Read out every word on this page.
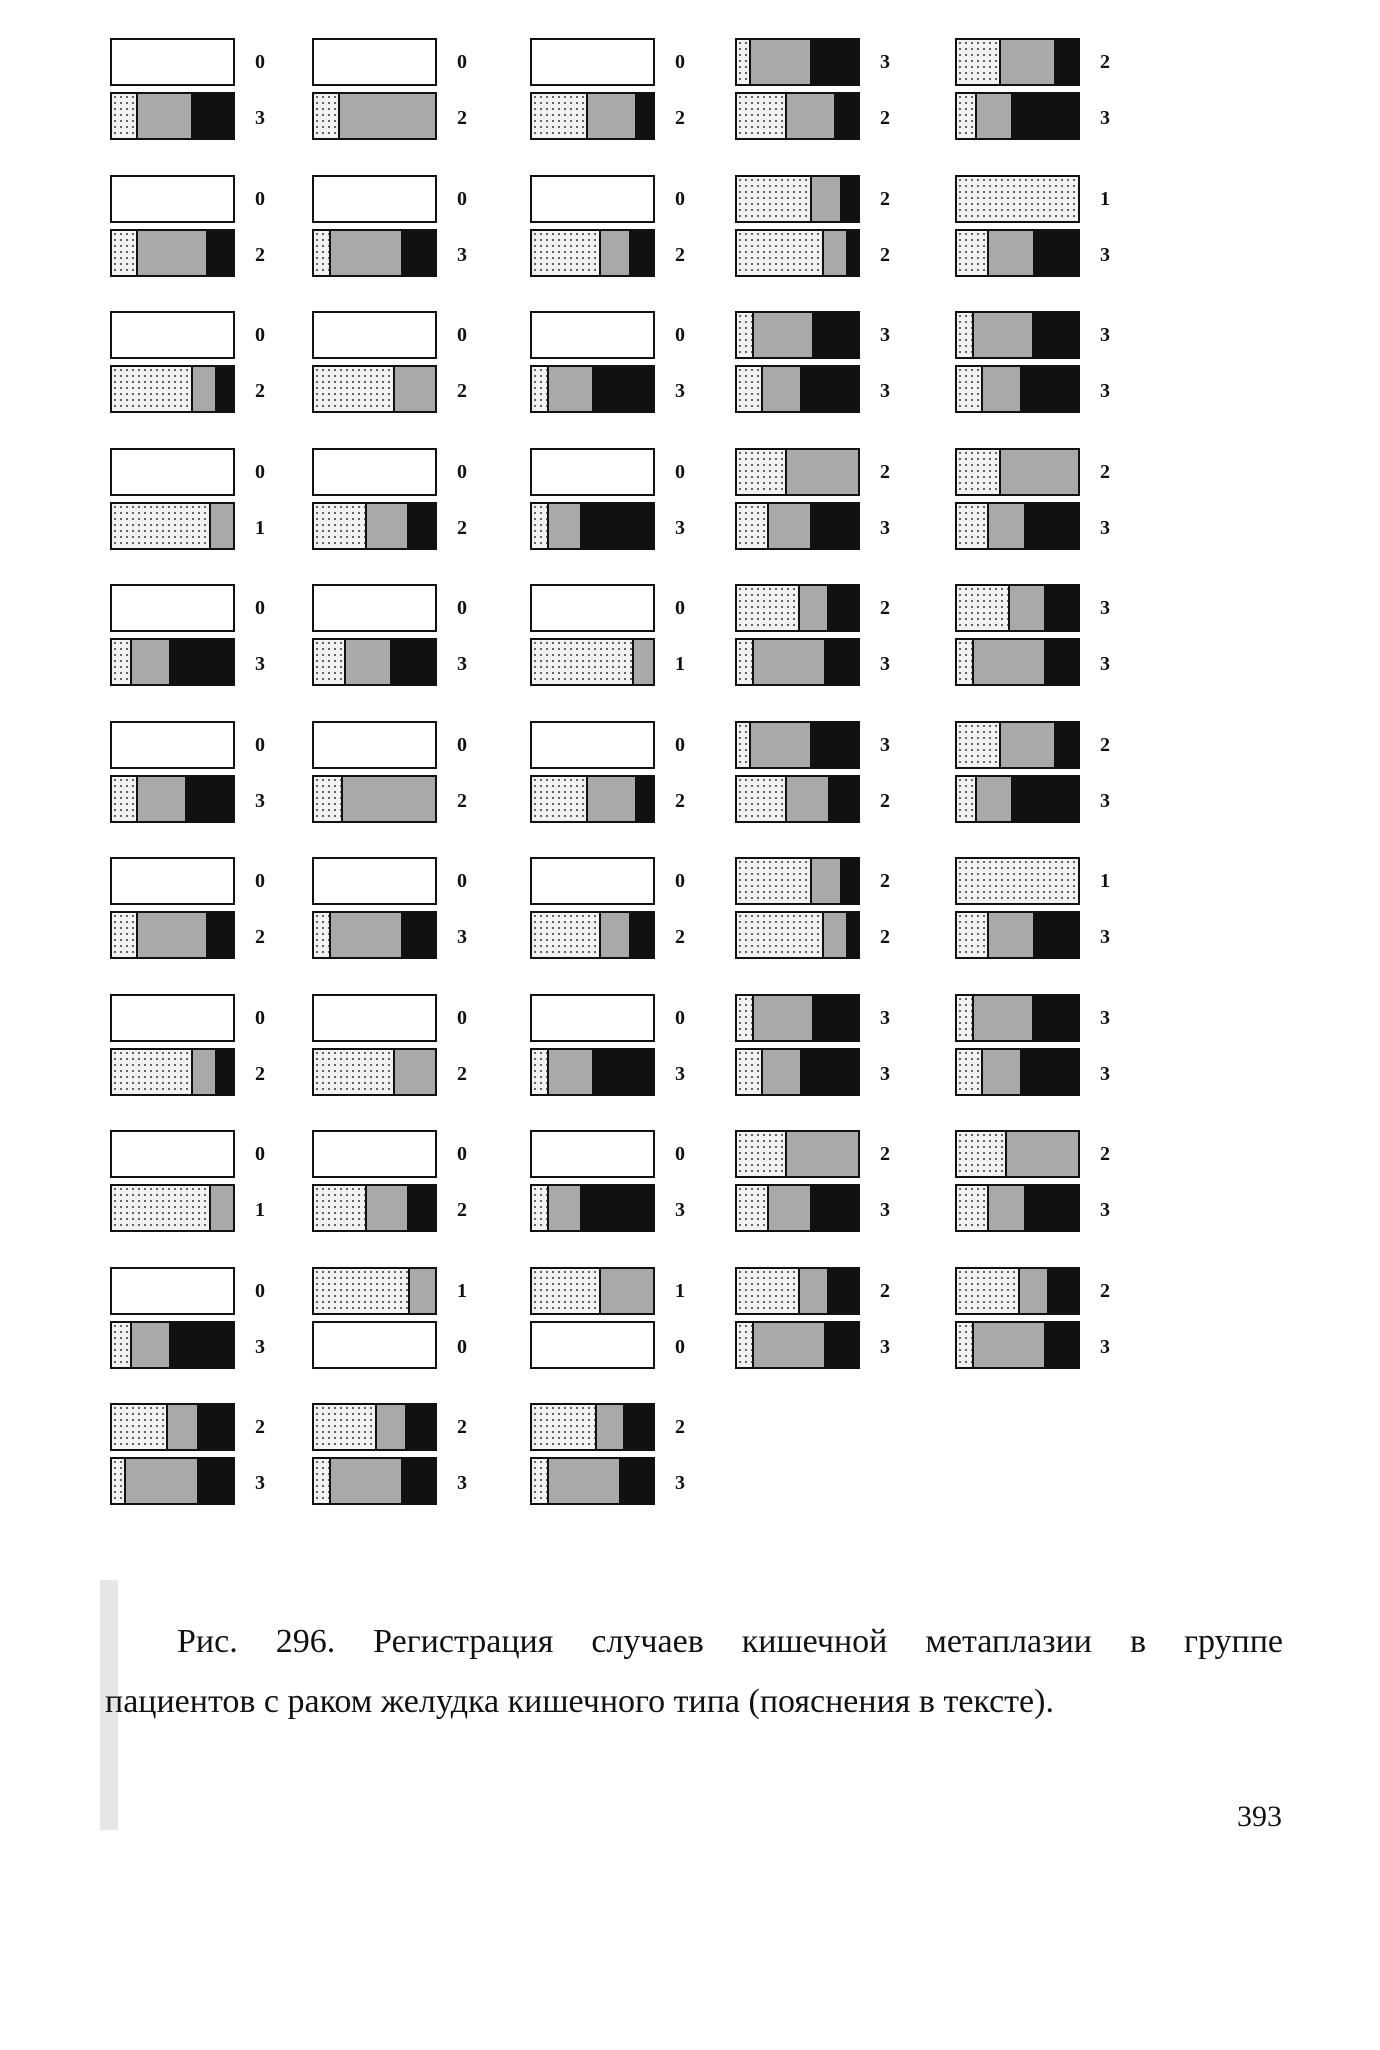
0
3
0
2
0
2
3
2
2
3
0
2
0
3
0
2
2
2
1
3
0
2
0
2
0
3
3
3
3
3
0
1
0
2
0
3
2
3
2
3
0
3
0
3
0
1
2
3
3
3
0
3
0
2
0
2
3
2
2
3
0
2
0
3
0
2
2
2
1
3
0
2
0
2
0
3
3
3
3
3
0
1
0
2
0
3
2
3
2
3
0
3
1
0
1
0
2
3
2
3
2
3
2
3
2
3
Рис. 296. Регистрация случаев кишечной метаплазии в группе
пациентов с раком желудка кишечного типа (пояснения в тексте).
393
